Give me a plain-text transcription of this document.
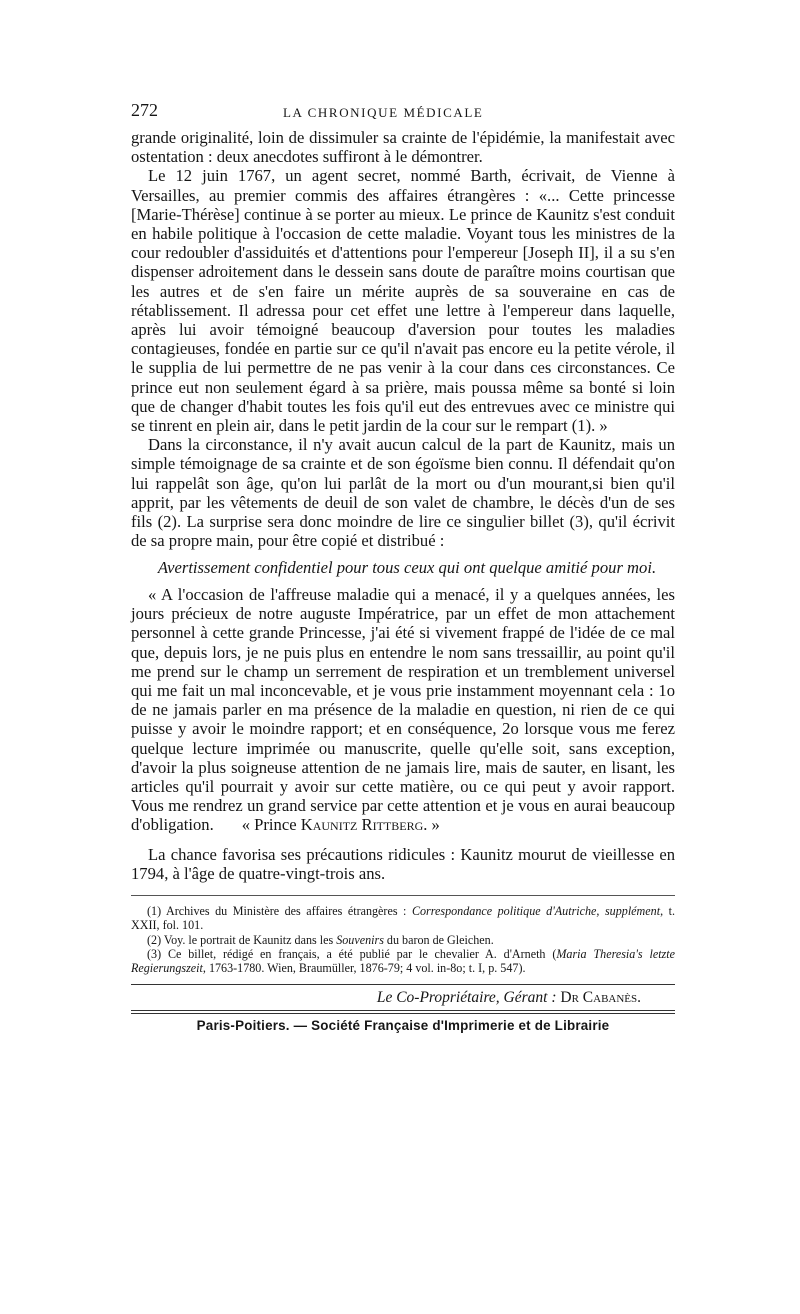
272	LA CHRONIQUE MÉDICALE

grande originalité, loin de dissimuler sa crainte de l'épidémie, la manifestait avec ostentation : deux anecdotes suffiront à le démontrer.

Le 12 juin 1767, un agent secret, nommé Barth, écrivait, de Vienne à Versailles, au premier commis des affaires étrangères : «... Cette princesse [Marie-Thérèse] continue à se porter au mieux. Le prince de Kaunitz s'est conduit en habile politique à l'occasion de cette maladie. Voyant tous les ministres de la cour redoubler d'assiduités et d'attentions pour l'empereur [Joseph II], il a su s'en dispenser adroitement dans le dessein sans doute de paraître moins courtisan que les autres et de s'en faire un mérite auprès de sa souveraine en cas de rétablissement. Il adressa pour cet effet une lettre à l'empereur dans laquelle, après lui avoir témoigné beaucoup d'aversion pour toutes les maladies contagieuses, fondée en partie sur ce qu'il n'avait pas encore eu la petite vérole, il le supplia de lui permettre de ne pas venir à la cour dans ces circonstances. Ce prince eut non seulement égard à sa prière, mais poussa même sa bonté si loin que de changer d'habit toutes les fois qu'il eut des entrevues avec ce ministre qui se tinrent en plein air, dans le petit jardin de la cour sur le rempart (1). »

Dans la circonstance, il n'y avait aucun calcul de la part de Kaunitz, mais un simple témoignage de sa crainte et de son égoïsme bien connu. Il défendait qu'on lui rappelât son âge, qu'on lui parlât de la mort ou d'un mourant,si bien qu'il apprit, par les vêtements de deuil de son valet de chambre, le décès d'un de ses fils (2). La surprise sera donc moindre de lire ce singulier billet (3), qu'il écrivit de sa propre main, pour être copié et distribué :

Avertissement confidentiel pour tous ceux qui ont quelque amitié pour moi.

« A l'occasion de l'affreuse maladie qui a menacé, il y a quelques années, les jours précieux de notre auguste Impératrice, par un effet de mon attachement personnel à cette grande Princesse, j'ai été si vivement frappé de l'idée de ce mal que, depuis lors, je ne puis plus en entendre le nom sans tressaillir, au point qu'il me prend sur le champ un serrement de respiration et un tremblement universel qui me fait un mal inconcevable, et je vous prie instamment moyennant cela : 1o de ne jamais parler en ma présence de la maladie en question, ni rien de ce qui puisse y avoir le moindre rapport; et en conséquence, 2o lorsque vous me ferez quelque lecture imprimée ou manuscrite, quelle qu'elle soit, sans exception, d'avoir la plus soigneuse attention de ne jamais lire, mais de sauter, en lisant, les articles qu'il pourrait y avoir sur cette matière, ou ce qui peut y avoir rapport. Vous me rendrez un grand service par cette attention et je vous en aurai beaucoup d'obligation. « Prince Kaunitz Rittberg. »

La chance favorisa ses précautions ridicules : Kaunitz mourut de vieillesse en 1794, à l'âge de quatre-vingt-trois ans.

(1) Archives du Ministère des affaires étrangères : Correspondance politique d'Autriche, supplément, t. XXII, fol. 101.

(2) Voy. le portrait de Kaunitz dans les Souvenirs du baron de Gleichen.

(3) Ce billet, rédigé en français, a été publié par le chevalier A. d'Arneth (Maria Theresia's letzte Regierungszeit, 1763-1780. Wien, Braumüller, 1876-79; 4 vol. in-8o; t. I, p. 547).

Le Co-Propriétaire, Gérant : Dr Cabanès.
Paris-Poitiers. — Société Française d'Imprimerie et de Librairie
